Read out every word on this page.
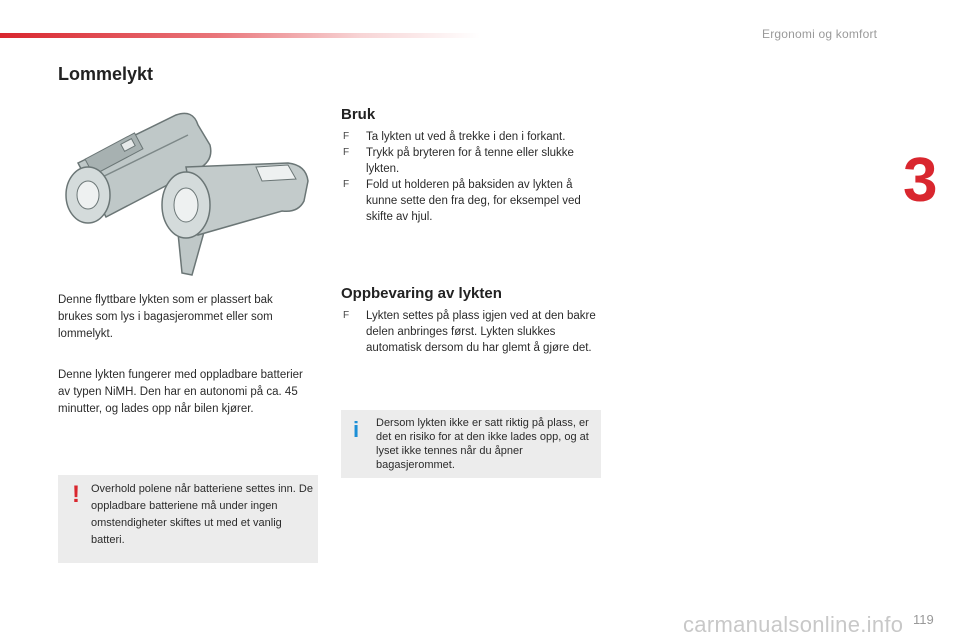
Ergonomi og komfort
3
Lommelykt
Denne flyttbare lykten som er plassert bak brukes som lys i bagasjerommet eller som lommelykt.
Denne lykten fungerer med oppladbare batterier av typen NiMH. Den har en autonomi på ca. 45 minutter, og lades opp når bilen kjører.
! Overhold polene når batteriene settes inn. De oppladbare batteriene må under ingen omstendigheter skiftes ut med et vanlig batteri.
Bruk
F Ta lykten ut ved å trekke i den i forkant.
F Trykk på bryteren for å tenne eller slukke lykten.
F Fold ut holderen på baksiden av lykten å kunne sette den fra deg, for eksempel ved skifte av hjul.
Oppbevaring av lykten
F Lykten settes på plass igjen ved at den bakre delen anbringes først. Lykten slukkes automatisk dersom du har glemt å gjøre det.
i Dersom lykten ikke er satt riktig på plass, er det en risiko for at den ikke lades opp, og at lyset ikke tennes når du åpner bagasjerommet.
carmanualsonline.info 119
